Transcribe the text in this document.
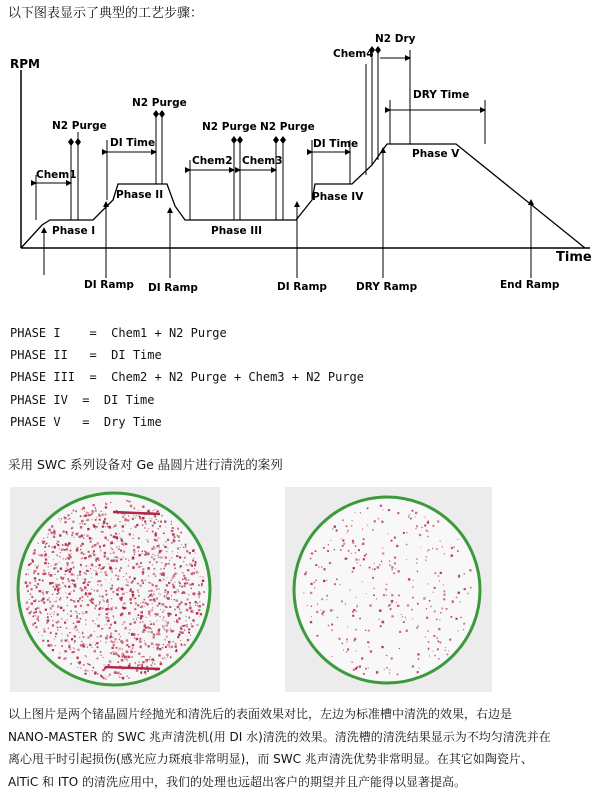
以下图表显示了典型的工艺步骤：
RPM
Time
Chem1
N2 Purge
Phase I
DI Time
N2 Purge
Phase II
Chem2
N2 Purge
Chem3
N2 Purge
Phase III
DI Time
Phase IV
Chem4
N2 Dry
DRY Time
Phase V
DI Ramp DI Ramp	DI Ramp	DRY Ramp	End Ramp
PHASE I    =  Chem1 + N2 Purge
PHASE II   =  DI Time
PHASE III  =  Chem2 + N2 Purge + Chem3 + N2 Purge
PHASE IV  =  DI Time
PHASE V   =  Dry Time
采用 SWC 系列设备对 Ge 晶圆片进行清洗的案列
以上图片是两个锗晶圆片经抛光和清洗后的表面效果对比，左边为标准槽中清洗的效果，右边是
NANO-MASTER 的 SWC 兆声清洗机(用 DI 水)清洗的效果。清洗槽的清洗结果显示为不均匀清洗并在
离心甩干时引起损伤(感光应力斑痕非常明显)，而 SWC 兆声清洗优势非常明显。在其它如陶瓷片、
AlTiC 和 ITO 的清洗应用中，我们的处理也远超出客户的期望并且产能得以显著提高。
